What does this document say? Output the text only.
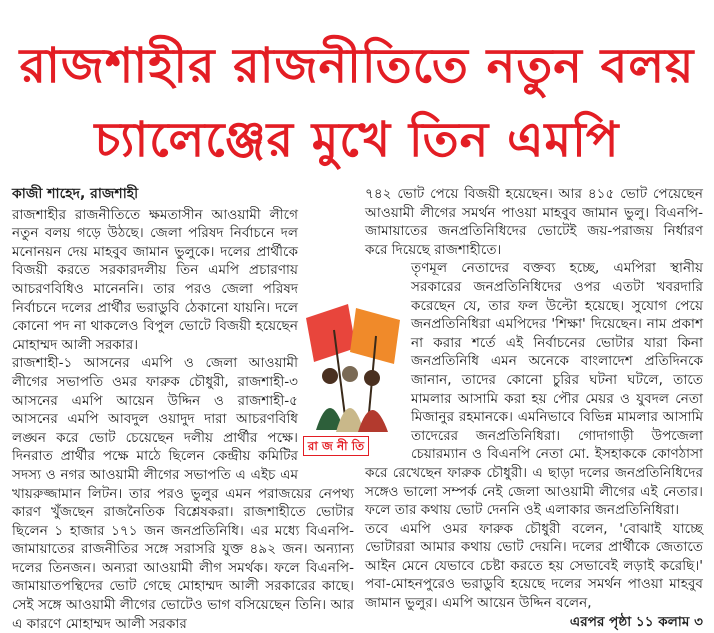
রাজশাহীর রাজনীতিতে নতুন বলয়
চ্যালেঞ্জের মুখে তিন এমপি

কাজী শাহেদ, রাজশাহী

রাজশাহীর রাজনীতিতে ক্ষমতাসীন আওয়ামী লীগে নতুন বলয় গড়ে উঠছে। জেলা পরিষদ নির্বাচনে দল মনোনয়ন দেয় মাহবুব জামান ভুলুকে। দলের প্রার্থীকে বিজয়ী করতে সরকারদলীয় তিন এমপি প্রচারণায় আচরণবিধিও মানেননি। তার পরও জেলা পরিষদ নির্বাচনে দলের প্রার্থীর ভরাডুবি ঠেকানো যায়নি। দলে কোনো পদ না থাকলেও বিপুল ভোটে বিজয়ী হয়েছেন মোহাম্মদ আলী সরকার।

রাজশাহী-১ আসনের এমপি ও জেলা আওয়ামী লীগের সভাপতি ওমর ফারুক চৌধুরী, রাজশাহী-৩ আসনের এমপি আয়েন উদ্দিন ও রাজশাহী-৫ আসনের এমপি আবদুল ওয়াদুদ দারা আচরণবিধি লঙ্ঘন করে ভোট চেয়েছেন দলীয় প্রার্থীর পক্ষে। দিনরাত প্রার্থীর পক্ষে মাঠে ছিলেন কেন্দ্রীয় কমিটির সদস্য ও নগর আওয়ামী লীগের সভাপতি এ এইচ এম খায়রুজ্জামান লিটন। তার পরও ভুলুর এমন পরাজয়ের নেপথ্য কারণ খুঁজছেন রাজনৈতিক বিশ্লেষকরা। রাজশাহীতে ভোটার ছিলেন ১ হাজার ১৭১ জন জনপ্রতিনিধি। এর মধ্যে বিএনপি-জামায়াতের রাজনীতির সঙ্গে সরাসরি যুক্ত ৪৯২ জন। অন্যান্য দলের তিনজন। অন্যরা আওয়ামী লীগ সমর্থক। ফলে বিএনপি-জামায়াতপন্থিদের ভোট গেছে মোহাম্মদ আলী সরকারের কাছে। সেই সঙ্গে আওয়ামী লীগের ভোটেও ভাগ বসিয়েছেন তিনি। আর এ কারণে মোহাম্মদ আলী সরকার

৭৪২ ভোট পেয়ে বিজয়ী হয়েছেন। আর ৪১৫ ভোট পেয়েছেন আওয়ামী লীগের সমর্থন পাওয়া মাহবুব জামান ভুলু। বিএনপি-জামায়াতের জনপ্রতিনিধিদের ভোটেই জয়-পরাজয় নির্ধারণ করে দিয়েছে রাজশাহীতে।

তৃণমূল নেতাদের বক্তব্য হচ্ছে, এমপিরা স্থানীয় সরকারের জনপ্রতিনিধিদের ওপর এতটা খবরদারি করেছেন যে, তার ফল উল্টো হয়েছে। সুযোগ পেয়ে জনপ্রতিনিধিরা এমপিদের 'শিক্ষা' দিয়েছেন। নাম প্রকাশ না করার শর্তে এই নির্বাচনের ভোটার যারা কিনা জনপ্রতিনিধি এমন অনেকে বাংলাদেশ প্রতিদিনকে জানান, তাদের কোনো চুরির ঘটনা ঘটলে, তাতে মামলার আসামি করা হয় পৌর মেয়র ও যুবদল নেতা মিজানুর রহমানকে। এমনিভাবে বিভিন্ন মামলার আসামি তাদেরের জনপ্রতিনিধিরা। গোদাগাড়ী উপজেলা চেয়ারম্যান ও বিএনপি নেতা মো. ইসহাককে কোণঠাসা করে রেখেছেন ফারুক চৌধুরী। এ ছাড়া দলের জনপ্রতিনিধিদের সঙ্গেও ভালো সম্পর্ক নেই জেলা আওয়ামী লীগের এই নেতার। ফলে তার কথায় ভোট দেননি ওই এলাকার জনপ্রতিনিধিরা।

তবে এমপি ওমর ফারুক চৌধুরী বলেন, 'বোঝাই যাচ্ছে ভোটাররা আমার কথায় ভোট দেয়নি। দলের প্রার্থীকে জেতাতে আইন মেনে যেভাবে চেষ্টা করতে হয় সেভাবেই লড়াই করেছি।' পবা-মোহনপুরেও ভরাডুবি হয়েছে দলের সমর্থন পাওয়া মাহবুব জামান ভুলুর। এমপি আয়েন উদ্দিন বলেন,

এরপর পৃষ্ঠা ১১ কলাম ৩

রা জ নী তি
